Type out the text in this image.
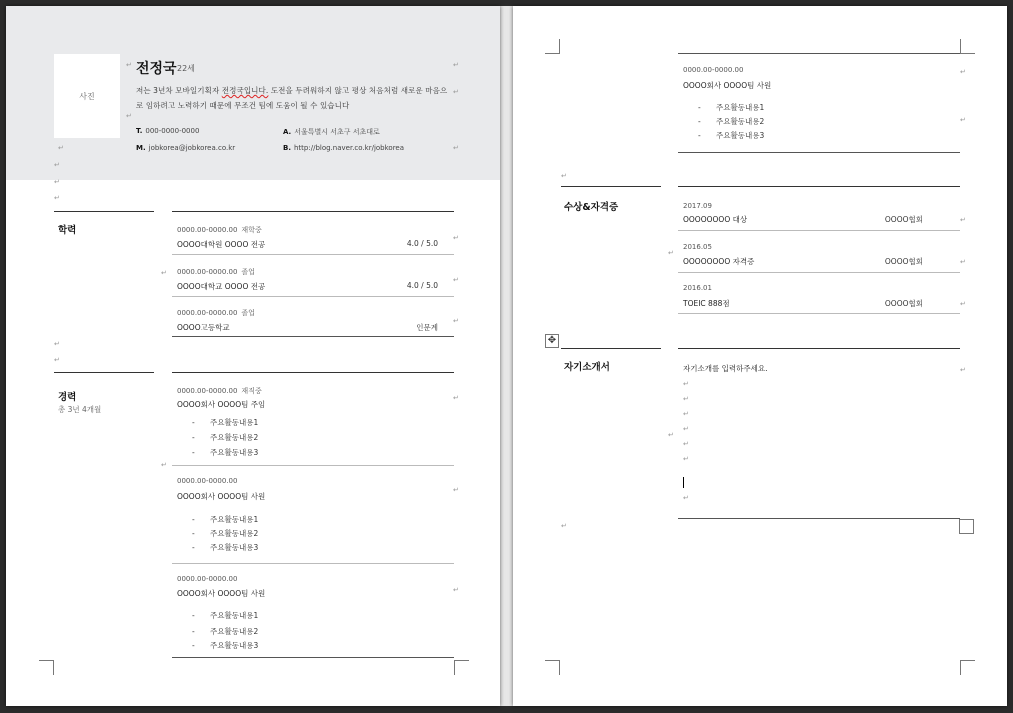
사진
전정국 22세
저는 3년차 모바일기획자 전정국입니다. 도전을 두려워하지 않고 평상 처음처럼 새로운 마음으로 임하려고 노력하기 때문에 무조건 팀에 도움이 될 수 있습니다
T. 000-0000-0000	A. 서울특별시 서초구 서초대로
M. jobkorea@jobkorea.co.kr	B. http://blog.naver.co.kr/jobkorea
↵	↵
↵
↵
↵
↵
↵
↵
↵
학력	0000.00-0000.00 재학중
OOOO대학원 OOOO 전공	4.0 / 5.0
0000.00-0000.00 졸업
OOOO대학교 OOOO 전공	4.0 / 5.0
0000.00-0000.00 졸업
OOOO고등학교	인문계
↵
↵
경력
총 3년 4개월
0000.00-0000.00 재직중
OOOO회사 OOOO팀 주임
- 주요활동내용1
- 주요활동내용2
- 주요활동내용3
0000.00-0000.00
OOOO회사 OOOO팀 사원
- 주요활동내용1
- 주요활동내용2
- 주요활동내용3
0000.00-0000.00
OOOO회사 OOOO팀 사원
- 주요활동내용1
- 주요활동내용2
- 주요활동내용3
↵
↵
↵
↵
↵
↵
↵
↵
0000.00-0000.00
OOOO회사 OOOO팀 사원
- 주요활동내용1
- 주요활동내용2
- 주요활동내용3
↵
수상&자격증	2017.09
OOOOOOOO 대상	OOOO협회
2016.05
OOOOOOOO 자격증	OOOO협회
2016.01
TOEIC 888점	OOOO협회
✥
자기소개서	자기소개를 입력하주세요.
↵
↵
↵
↵
↵
↵
↵
↵
↵
↵
↵
↵
↵
↵
↵
↵
